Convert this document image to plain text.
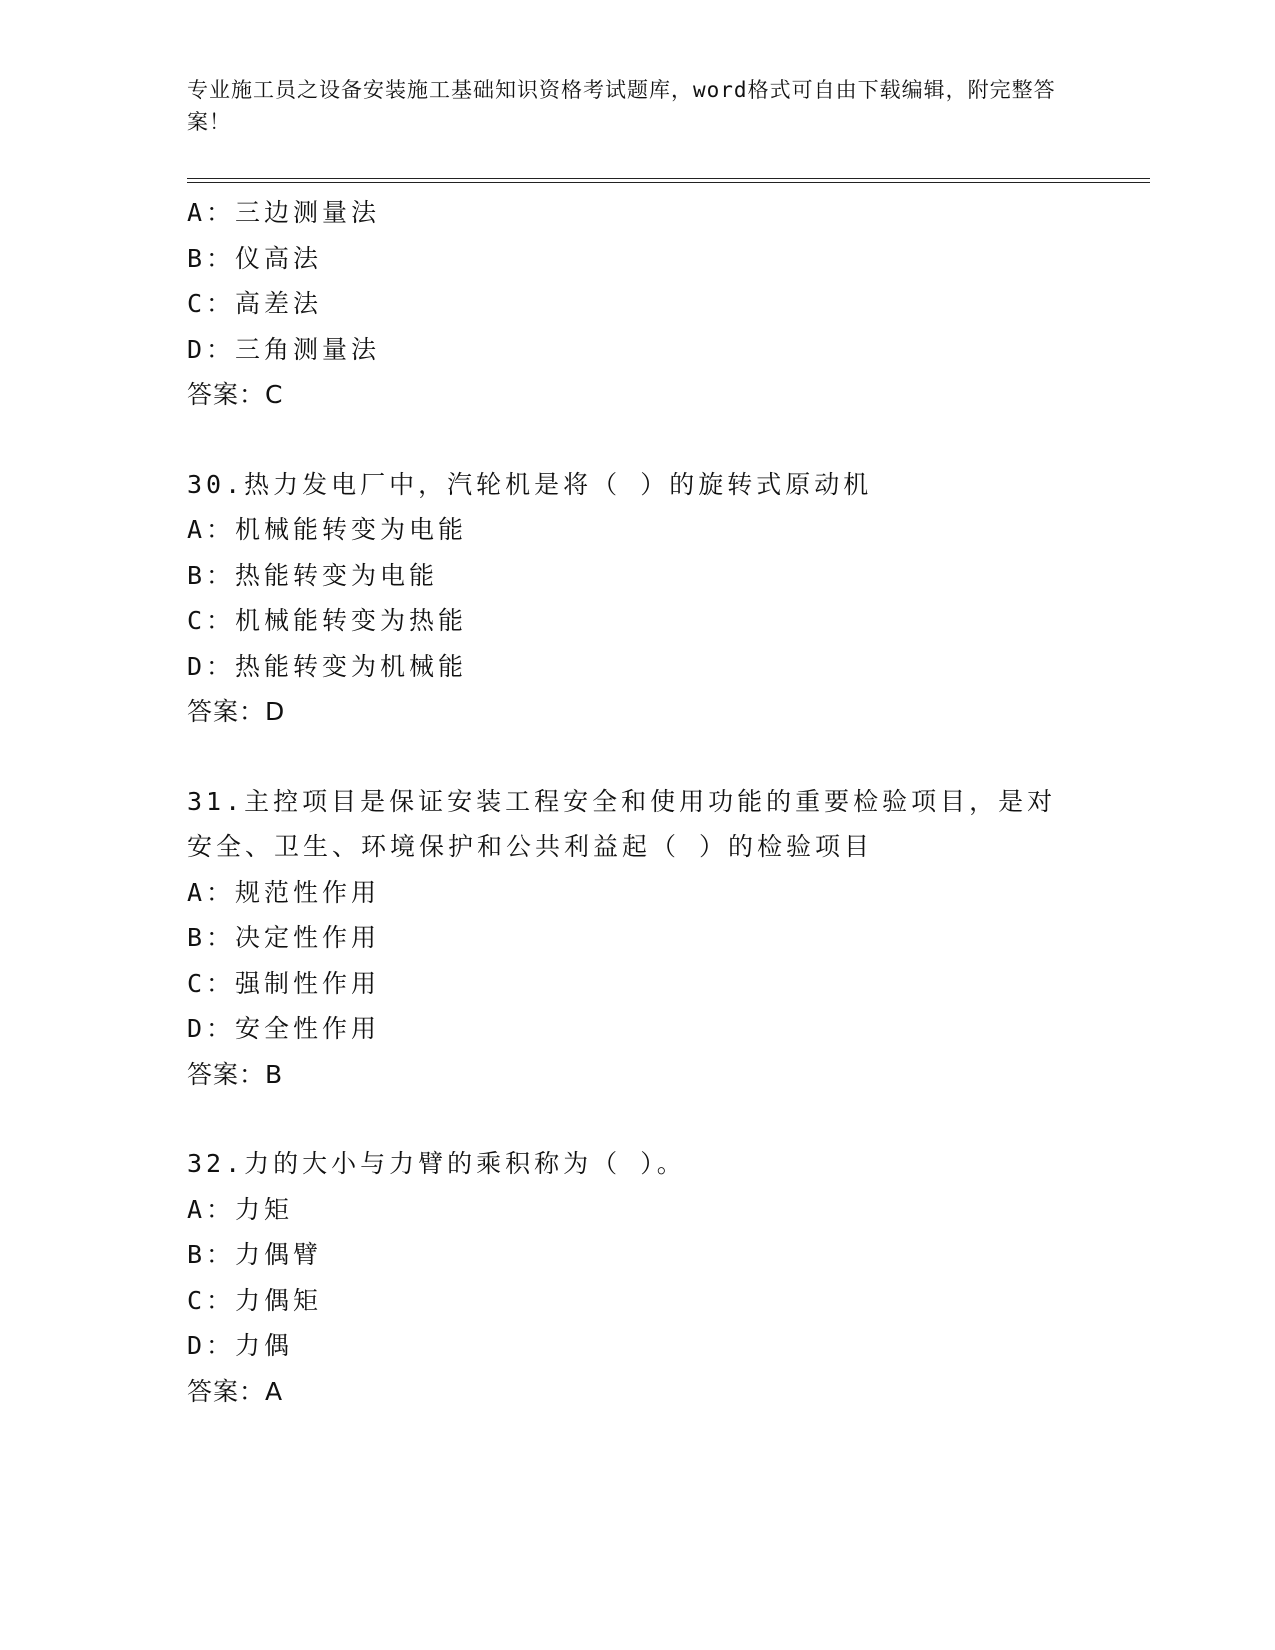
专业施工员之设备安装施工基础知识资格考试题库，word格式可自由下载编辑，附完整答案！
A：三边测量法
B：仪高法
C：高差法
D：三角测量法
答案：C
30.热力发电厂中，汽轮机是将（ ）的旋转式原动机
A：机械能转变为电能
B：热能转变为电能
C：机械能转变为热能
D：热能转变为机械能
答案：D
31.主控项目是保证安装工程安全和使用功能的重要检验项目，是对安全、卫生、环境保护和公共利益起（ ）的检验项目
A：规范性作用
B：决定性作用
C：强制性作用
D：安全性作用
答案：B
32.力的大小与力臂的乘积称为（ ）。
A：力矩
B：力偶臂
C：力偶矩
D：力偶
答案：A
